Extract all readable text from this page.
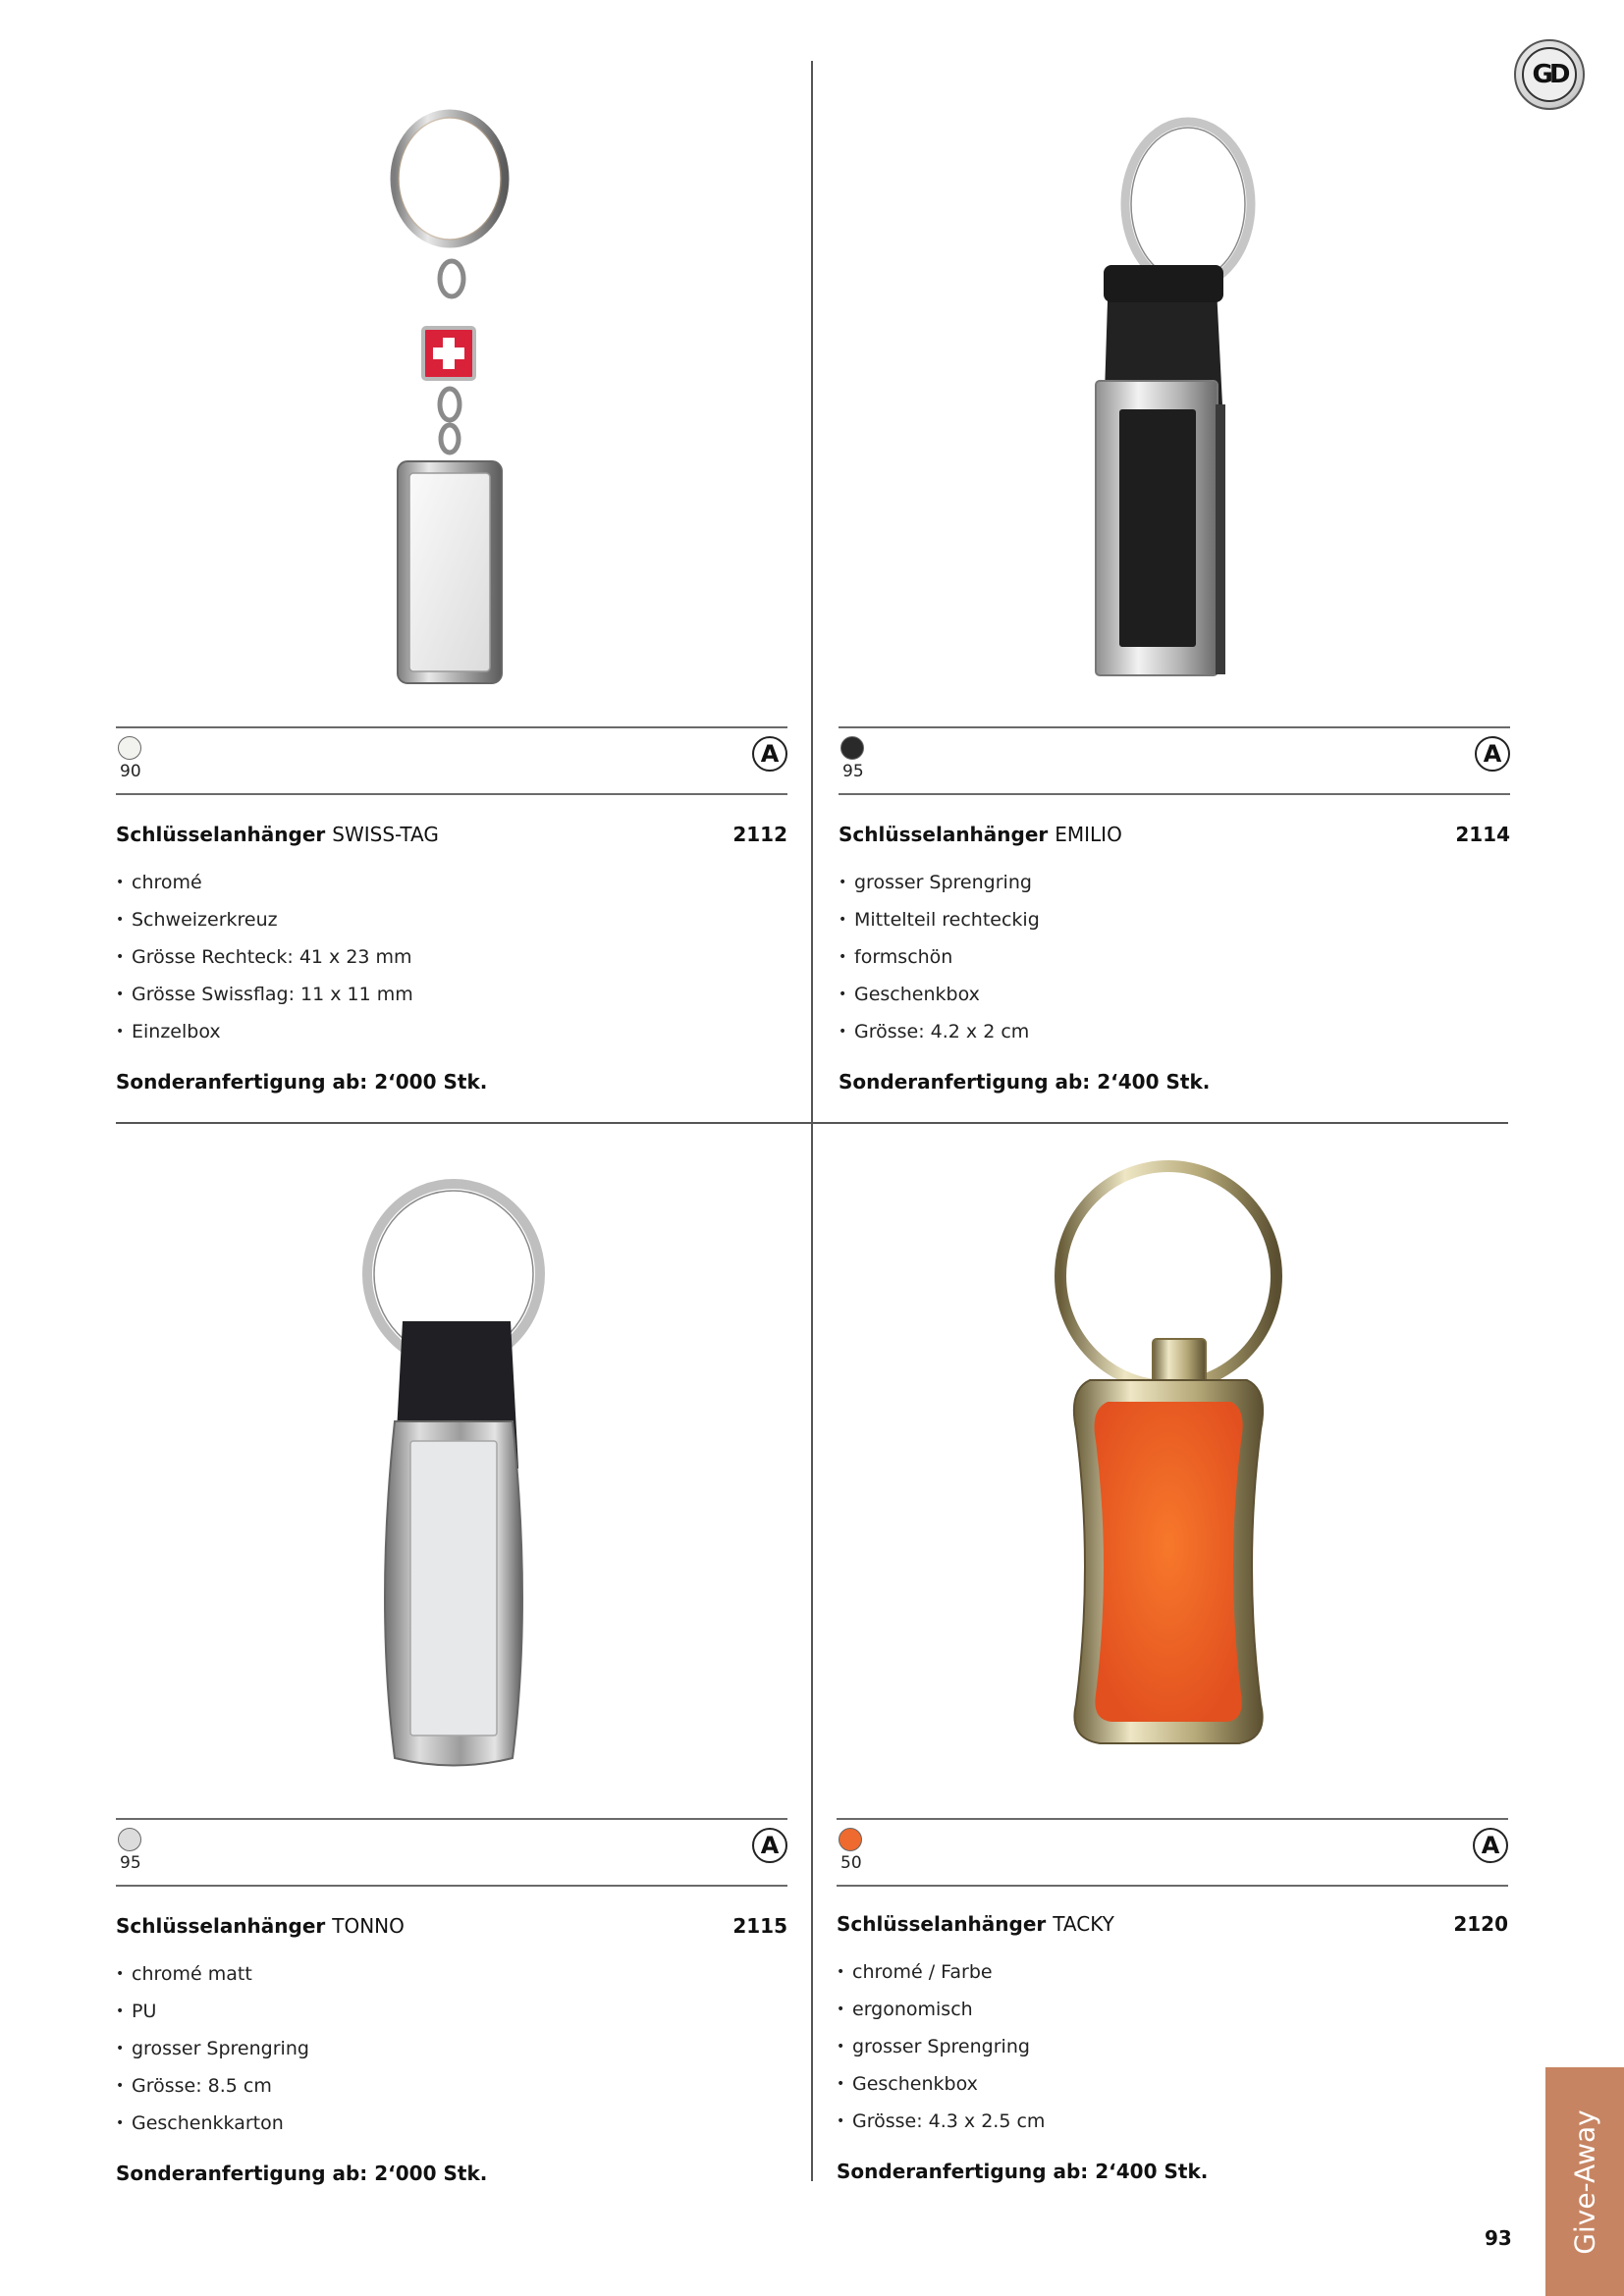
GD
90
A
Schlüsselanhänger SWISS-TAG	2112
• chromé
• Schweizerkreuz
• Grösse Rechteck: 41 x 23 mm
• Grösse Swissflag: 11 x 11 mm
• Einzelbox
Sonderanfertigung ab: 2‘000 Stk.
95
A
Schlüsselanhänger EMILIO	2114
• grosser Sprengring
• Mittelteil rechteckig
• formschön
• Geschenkbox
• Grösse: 4.2 x 2 cm
Sonderanfertigung ab: 2‘400 Stk.
95
A
Schlüsselanhänger TONNO	2115
• chromé matt
• PU
• grosser Sprengring
• Grösse: 8.5 cm
• Geschenkkarton
Sonderanfertigung ab: 2‘000 Stk.
50
A
Schlüsselanhänger TACKY	2120
• chromé / Farbe
• ergonomisch
• grosser Sprengring
• Geschenkbox
• Grösse: 4.3 x 2.5 cm
Sonderanfertigung ab: 2‘400 Stk.	Give-Away
93
